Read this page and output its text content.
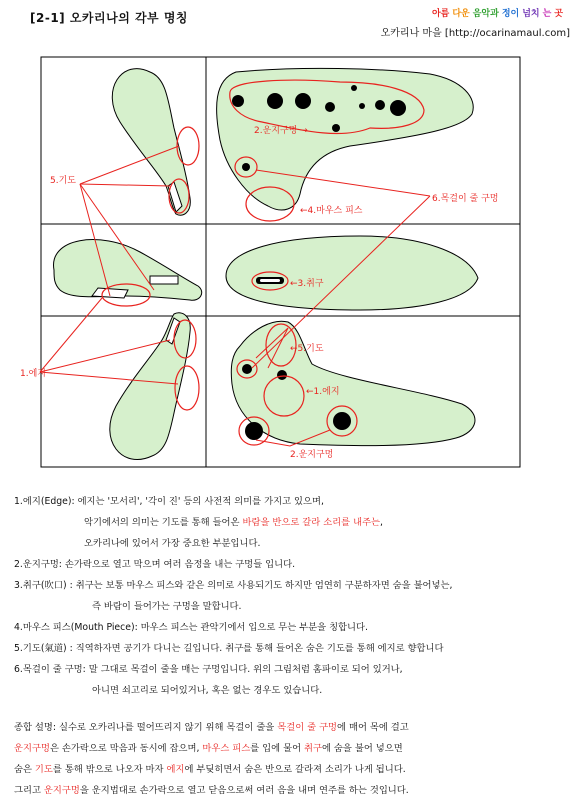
[2-1] 오카리나의 각부 명칭	아름 다운 음악과 정이 넘치 는 곳
오카리나 마을 [http://ocarinamaul.com]
2.운지구멍 →
6.목걸이 줄 구멍
←4.마우스 피스
5.기도
←3.취구
1.에지
←5.기도
←1.에지
2.운지구멍
1.에지(Edge): 에지는 '모서리', '각이 진' 등의 사전적 의미를 가지고 있으며,
악기에서의 의미는 기도를 통해 들어온 바람을 반으로 갈라 소리를 내주는,
오카리나에 있어서 가장 중요한 부분입니다.
2.운지구멍: 손가락으로 열고 막으며 여러 음정을 내는 구멍들 입니다.
3.취구(吹口) : 취구는 보통 마우스 피스와 같은 의미로 사용되기도 하지만 엄연히 구분하자면 숨을 불어넣는,
즉 바람이 들어가는 구멍을 말합니다.
4.마우스 피스(Mouth Piece): 마우스 피스는 관악기에서 입으로 무는 부분을 칭합니다.
5.기도(氣道) : 직역하자면 공기가 다니는 길입니다. 취구를 통해 들어온 숨은 기도를 통해 에지로 향합니다
6.목걸이 줄 구멍: 말 그대로 목걸이 줄을 매는 구멍입니다. 위의 그림처럼 홈파이로 되어 있거나,
아니면 쇠고리로 되어있거나, 혹은 없는 경우도 있습니다.
종합 설명: 실수로 오카리나를 떨어뜨리지 않기 위해 목걸이 줄을 목걸이 줄 구멍에 매어 목에 걸고
운지구멍은 손가락으로 막음과 동시에 잡으며, 마우스 피스를 입에 물어 취구에 숨을 불어 넣으면
숨은 기도를 통해 밖으로 나오자 마자 에지에 부딪히면서 숨은 반으로 갈라져 소리가 나게 됩니다.
그리고 운지구멍을 운지법대로 손가락으로 열고 닫음으로써 여러 음을 내며 연주를 하는 것입니다.
